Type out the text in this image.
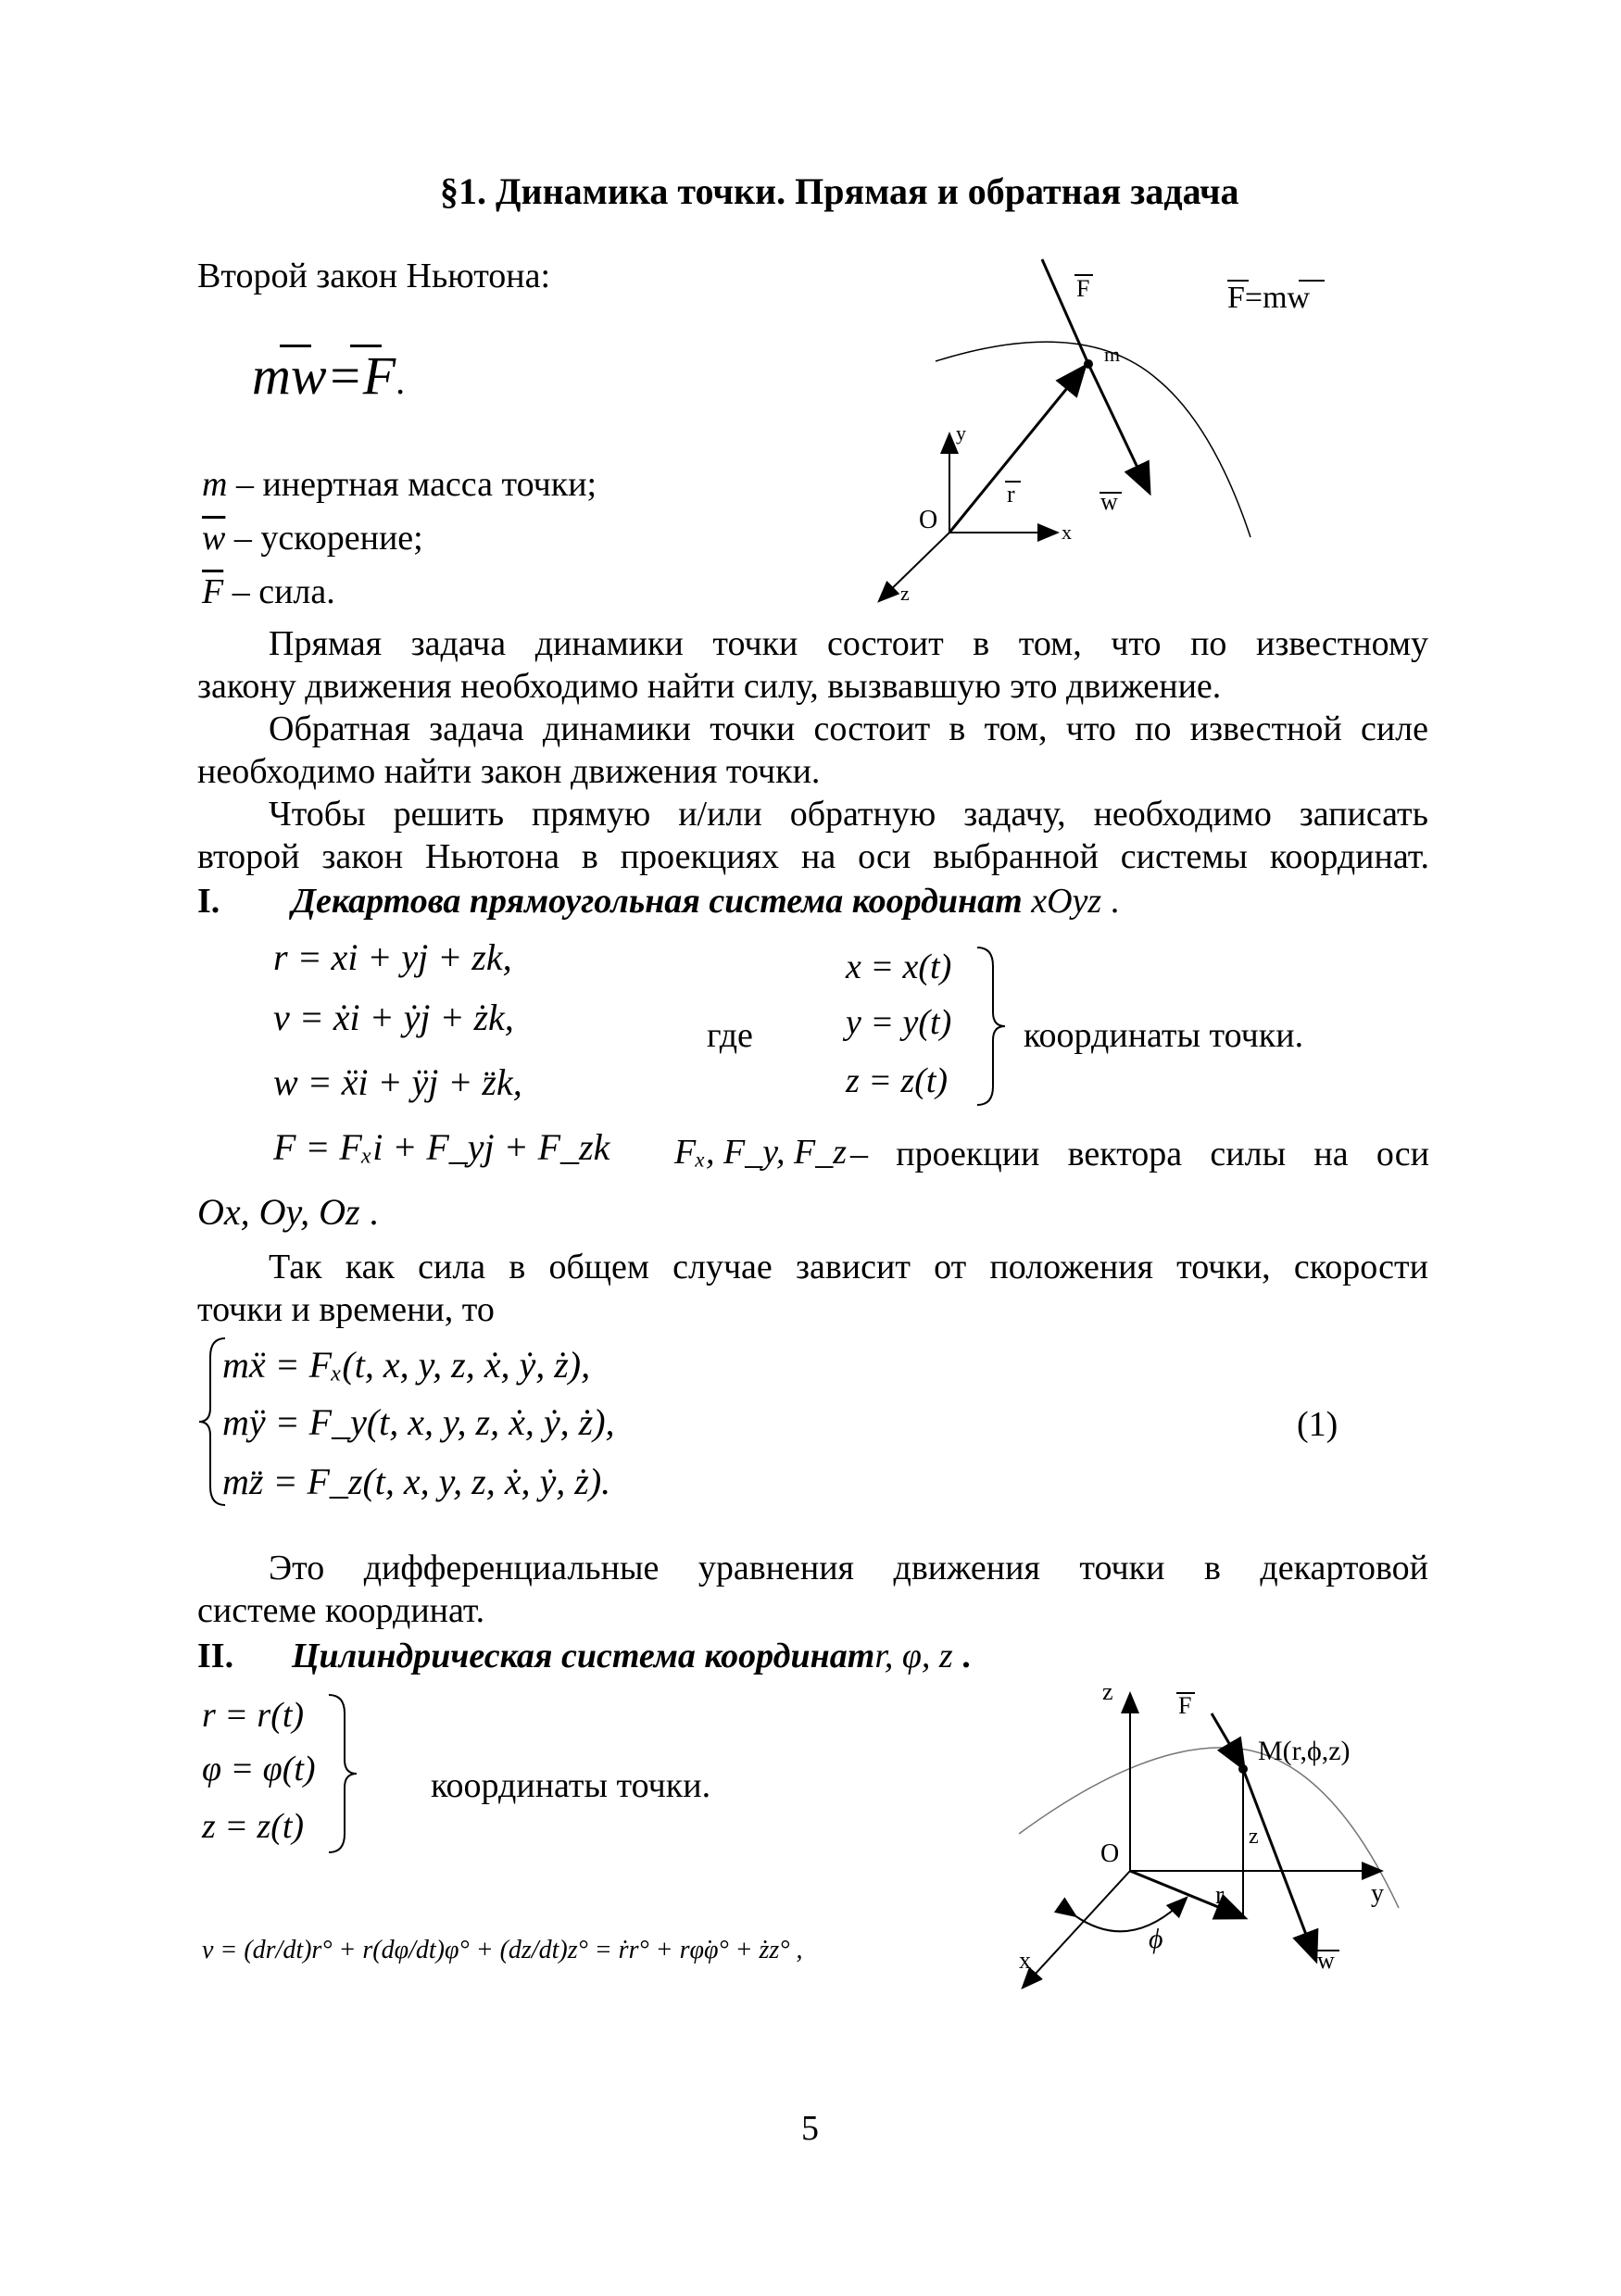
§1. Динамика точки. Прямая и обратная задача
Второй закон Ньютона:
mw=F.
m – инертная масса точки;
$\overline{w}$ – ускорение;
$\overline{F}$ – сила.
F	F=mw
m
y
r
O	x
z
w
Прямая задача динамики точки состоит в том, что по известному
закону движения необходимо найти силу, вызвавшую это движение.
Обратная задача динамики точки состоит в том, что по известной силе
необходимо найти закон движения точки.
Чтобы решить прямую и/или обратную задачу, необходимо записать
второй закон Ньютона в проекциях на оси выбранной системы координат.
I. Декартова прямоугольная система координат xOyz .
r = xi + yj + zk,
v = ẋi + ẏj + żk,
w = ẍi + ÿj + z̈k,
F = Fₓi + F_yj + F_zk
где
x = x(t)
y = y(t)
z = z(t)
координаты точки.
Fₓ, F_y, F_z – проекции вектора силы на оси
Ox, Oy, Oz .
Так как сила в общем случае зависит от положения точки, скорости
точки и времени, то
mẍ = Fₓ(t, x, y, z, ẋ, ẏ, ż),
mÿ = F_y(t, x, y, z, ẋ, ẏ, ż),
mz̈ = F_z(t, x, y, z, ẋ, ẏ, ż).
(1)
Это дифференциальные уравнения движения точки в декартовой
системе координат.
II. Цилиндрическая система координатr, φ, z .
r = r(t)
φ = φ(t)
z = z(t)
координаты точки.
v = (dr/dt)r° + r(dφ/dt)φ° + (dz/dt)z° = ṙr° + rφ̇φ° + żz° ,
z
F
M(r,ϕ,z)
O
z
r	y
x
ϕ
w
5
